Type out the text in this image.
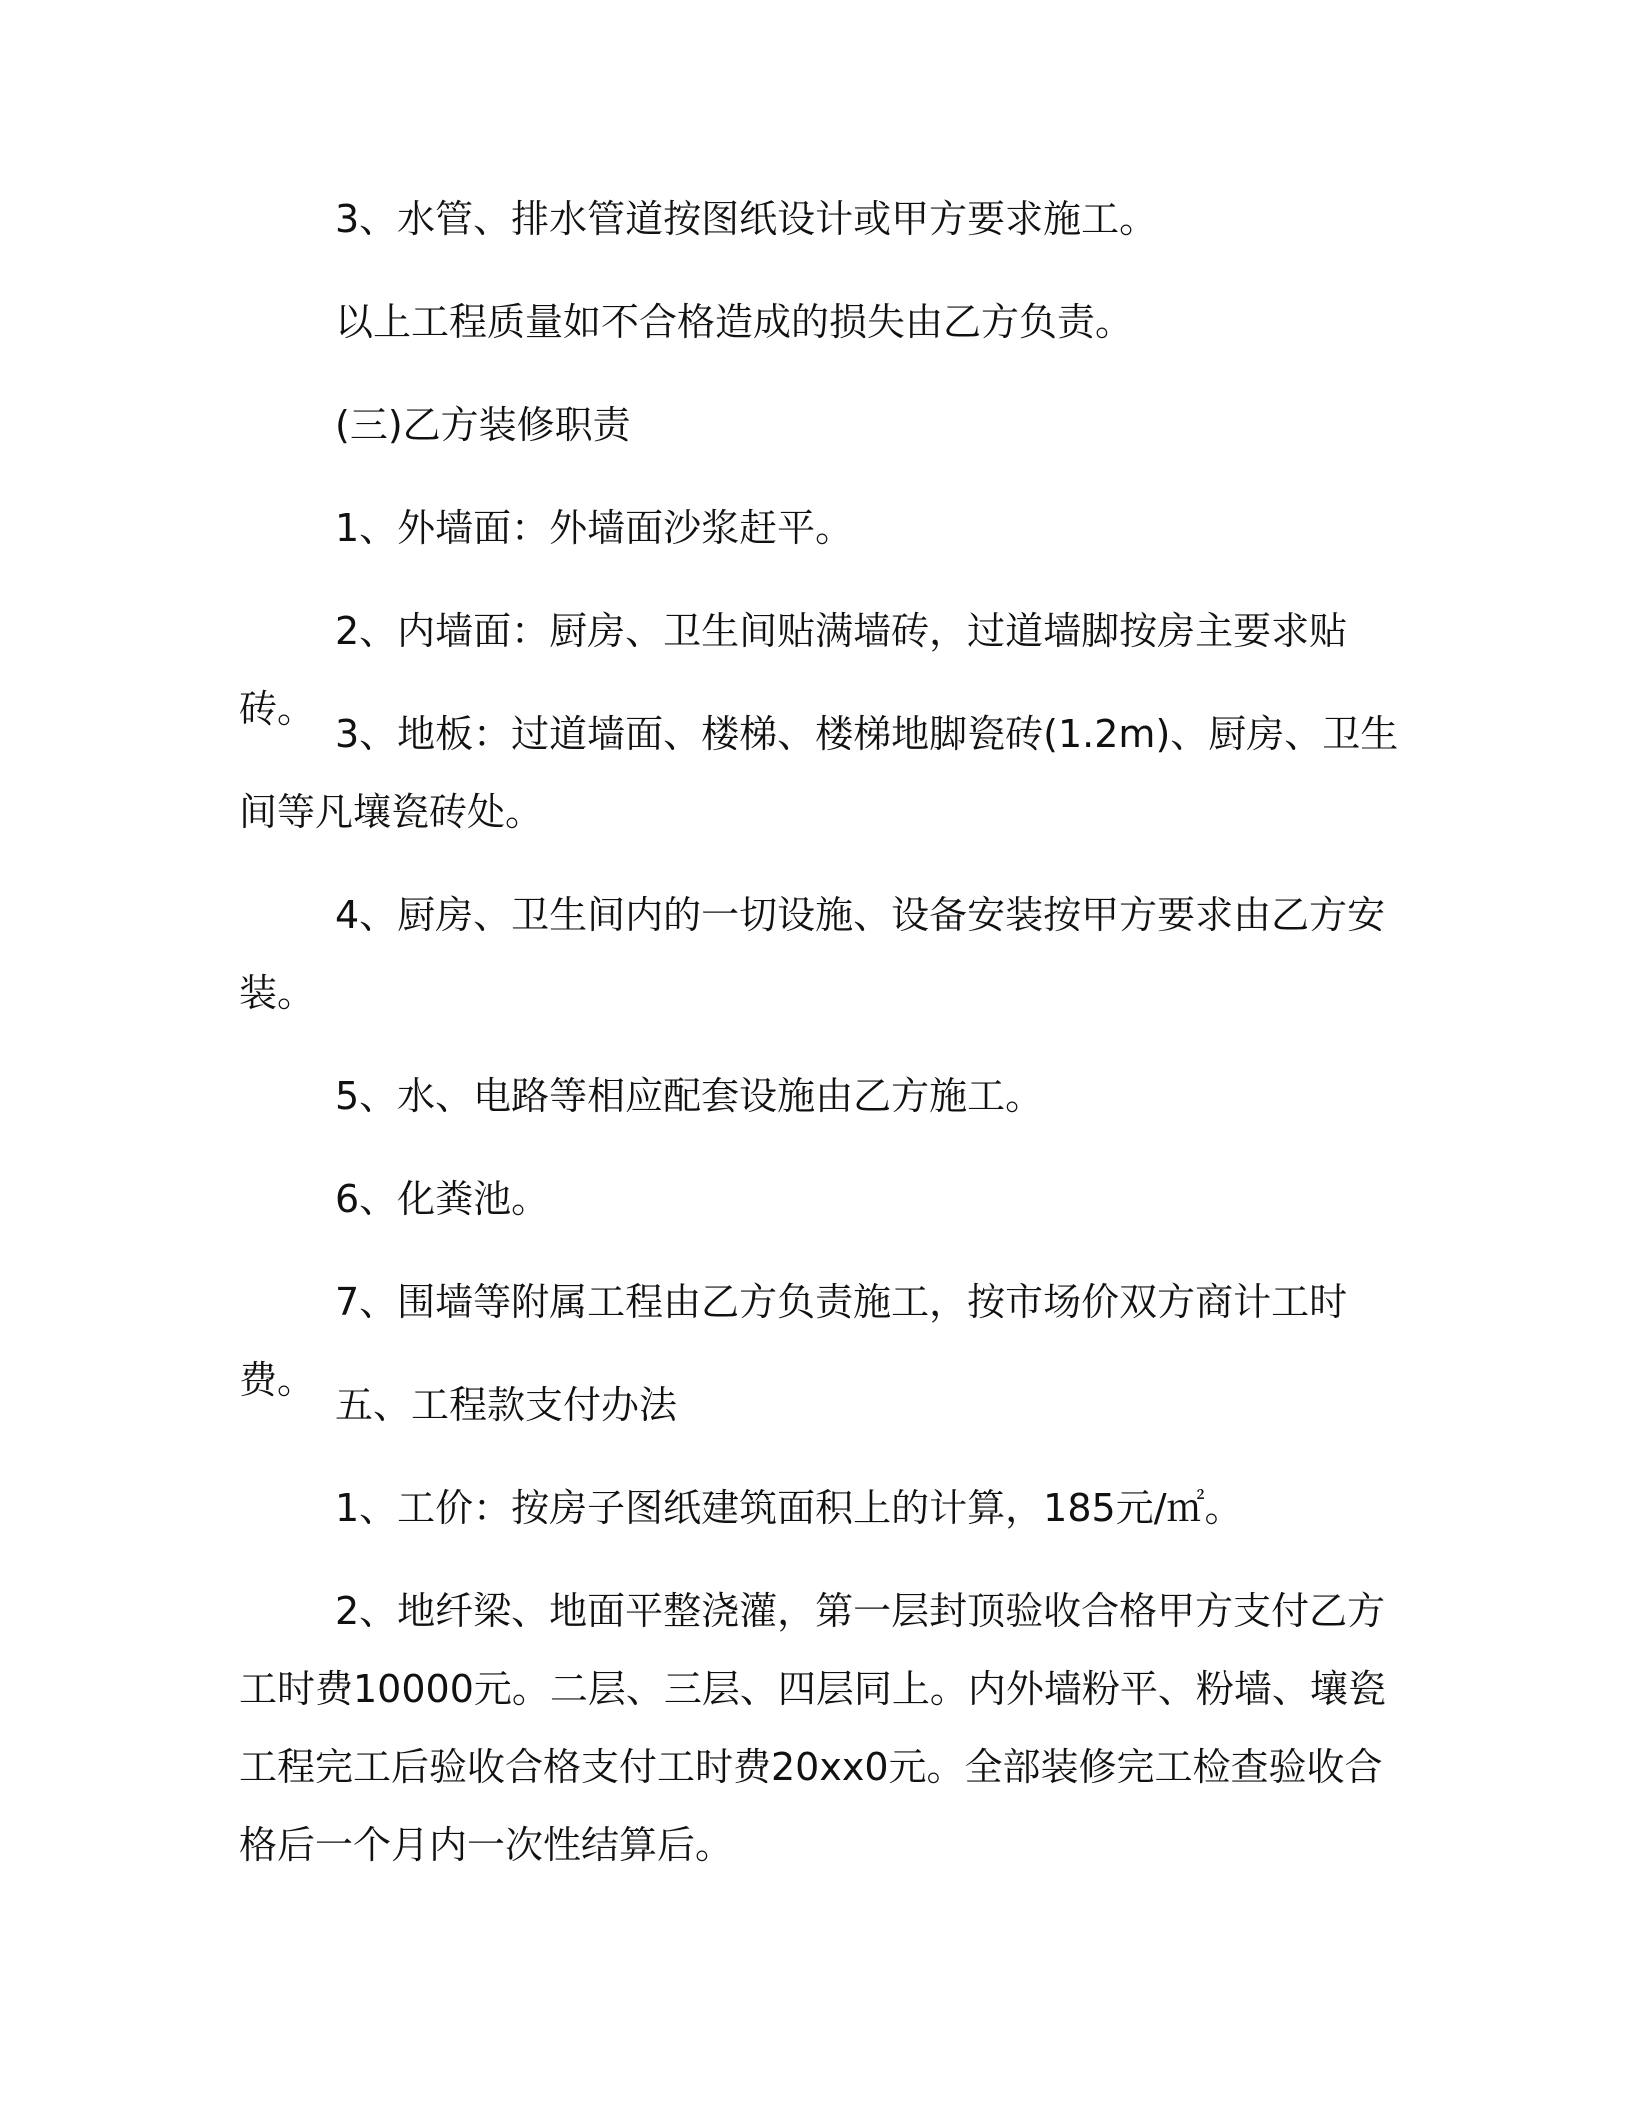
3、水管、排水管道按图纸设计或甲方要求施工。

以上工程质量如不合格造成的损失由乙方负责。

(三)乙方装修职责

1、外墙面：外墙面沙浆赶平。

2、内墙面：厨房、卫生间贴满墙砖，过道墙脚按房主要求贴砖。

3、地板：过道墙面、楼梯、楼梯地脚瓷砖(1.2m)、厨房、卫生间等凡壤瓷砖处。

4、厨房、卫生间内的一切设施、设备安装按甲方要求由乙方安装。

5、水、电路等相应配套设施由乙方施工。

6、化粪池。

7、围墙等附属工程由乙方负责施工，按市场价双方商计工时费。

五、工程款支付办法

1、工价：按房子图纸建筑面积上的计算，185元/㎡。

2、地纤梁、地面平整浇灌，第一层封顶验收合格甲方支付乙方工时费10000元。二层、三层、四层同上。内外墙粉平、粉墙、壤瓷工程完工后验收合格支付工时费20xx0元。全部装修完工检查验收合格后一个月内一次性结算后。
